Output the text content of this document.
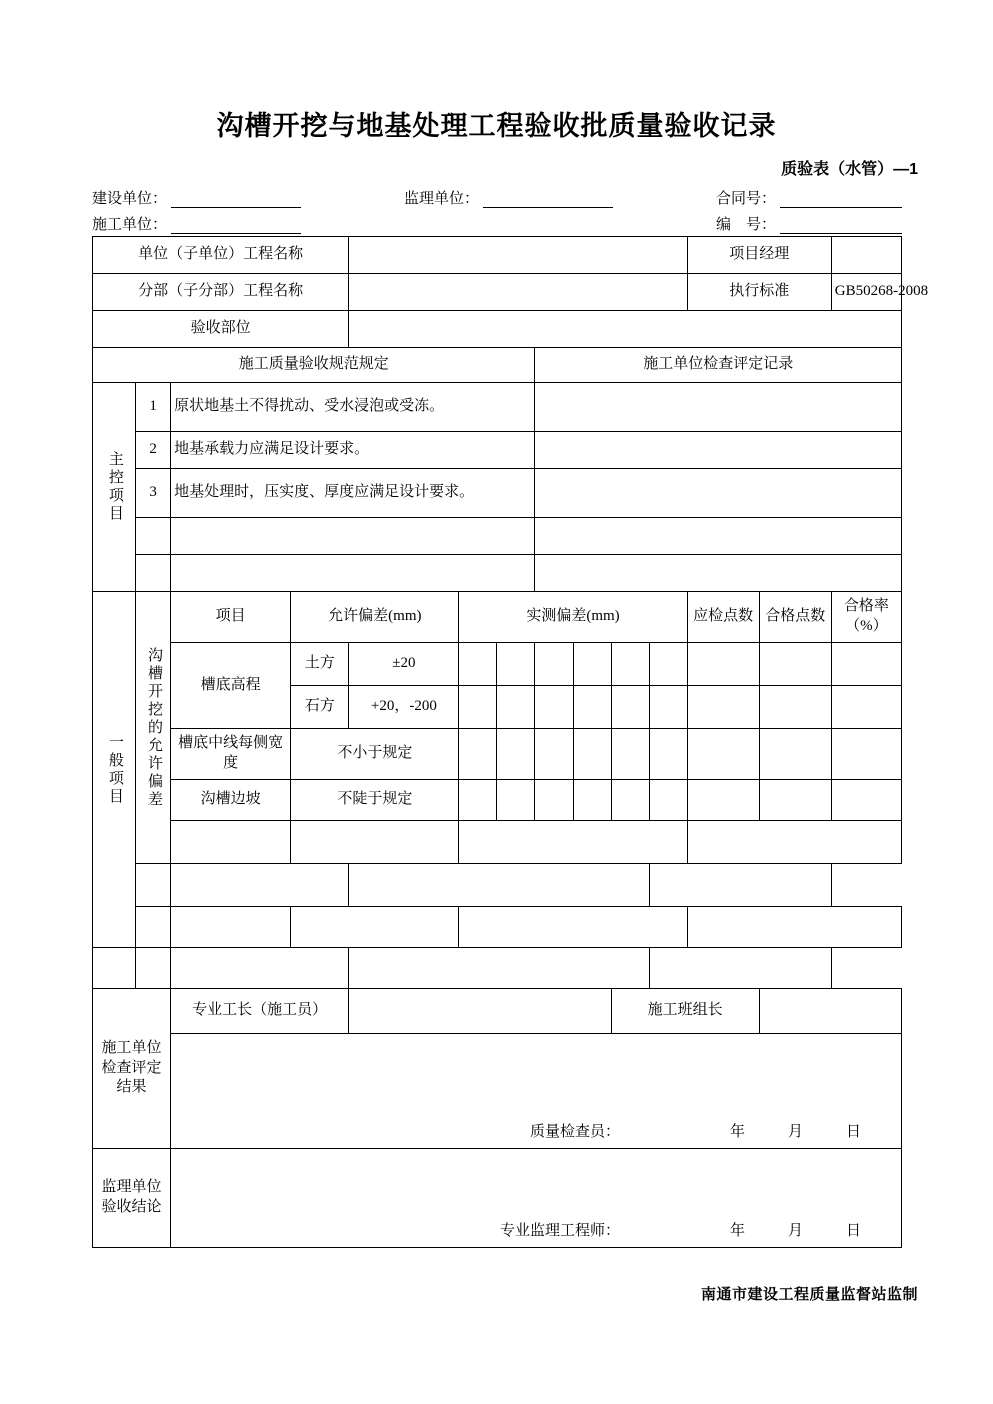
沟槽开挖与地基处理工程验收批质量验收记录
质验表（水管）—1
建设单位：	监理单位：	合同号：
施工单位：	编　号：
单位（子单位）工程名称											项目经理		
分部（子分部）工程名称											执行标准		GB50268-2008
验收部位													
施工质量验收规范规定							施工单位检查评定记录						

主控项目	1	原状地基土不得扰动、受水浸泡或受冻。											
	2	地基承载力应满足设计要求。											
	3	地基处理时，压实度、厚度应满足设计要求。											

一般项目	沟槽开挖的允许偏差	项目	允许偏差(mm)		实测偏差(mm)						应检点数	合格点数	合格率（%）
		槽底高程	土方	±20									
			石方	+20，-200									
		槽底中线每侧宽度	不小于规定										
		沟槽边坡	不陡于规定										

施工单位检查评定结果		专业工长（施工员）							施工班组长				

		质量检查员： 年　月　日											

监理单位验收结论		专业监理工程师： 年　月　日											
南通市建设工程质量监督站监制
